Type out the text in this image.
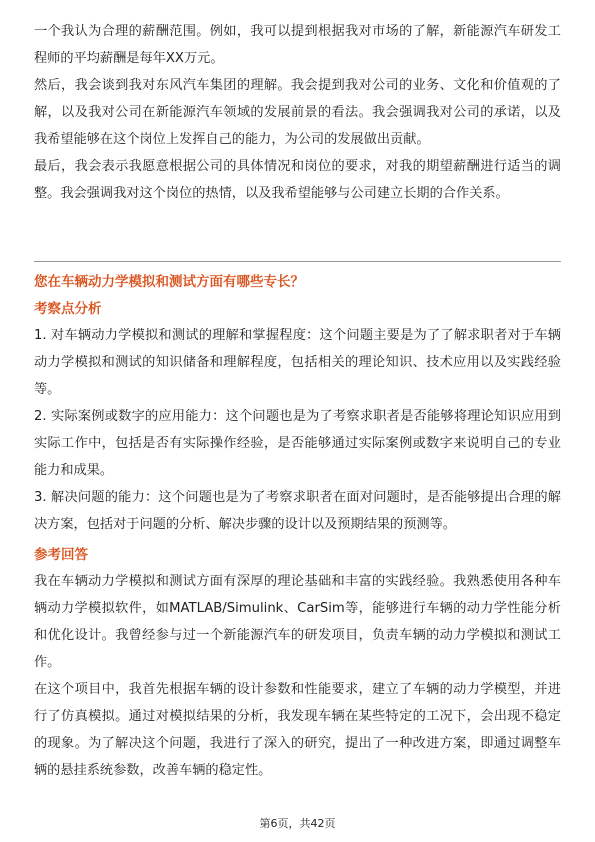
一个我认为合理的薪酬范围。例如，我可以提到根据我对市场的了解，新能源汽车研发工程师的平均薪酬是每年XX万元。

然后，我会谈到我对东风汽车集团的理解。我会提到我对公司的业务、文化和价值观的了解，以及我对公司在新能源汽车领域的发展前景的看法。我会强调我对公司的承诺，以及我希望能够在这个岗位上发挥自己的能力，为公司的发展做出贡献。

最后，我会表示我愿意根据公司的具体情况和岗位的要求，对我的期望薪酬进行适当的调整。我会强调我对这个岗位的热情，以及我希望能够与公司建立长期的合作关系。

您在车辆动力学模拟和测试方面有哪些专长？

考察点分析

1. 对车辆动力学模拟和测试的理解和掌握程度：这个问题主要是为了了解求职者对于车辆动力学模拟和测试的知识储备和理解程度，包括相关的理论知识、技术应用以及实践经验等。

2. 实际案例或数字的应用能力：这个问题也是为了考察求职者是否能够将理论知识应用到实际工作中，包括是否有实际操作经验，是否能够通过实际案例或数字来说明自己的专业能力和成果。

3. 解决问题的能力：这个问题也是为了考察求职者在面对问题时，是否能够提出合理的解决方案，包括对于问题的分析、解决步骤的设计以及预期结果的预测等。

参考回答

我在车辆动力学模拟和测试方面有深厚的理论基础和丰富的实践经验。我熟悉使用各种车辆动力学模拟软件，如MATLAB/Simulink、CarSim等，能够进行车辆的动力学性能分析和优化设计。我曾经参与过一个新能源汽车的研发项目，负责车辆的动力学模拟和测试工作。

在这个项目中，我首先根据车辆的设计参数和性能要求，建立了车辆的动力学模型，并进行了仿真模拟。通过对模拟结果的分析，我发现车辆在某些特定的工况下，会出现不稳定的现象。为了解决这个问题，我进行了深入的研究，提出了一种改进方案，即通过调整车辆的悬挂系统参数，改善车辆的稳定性。

第6页，共42页
